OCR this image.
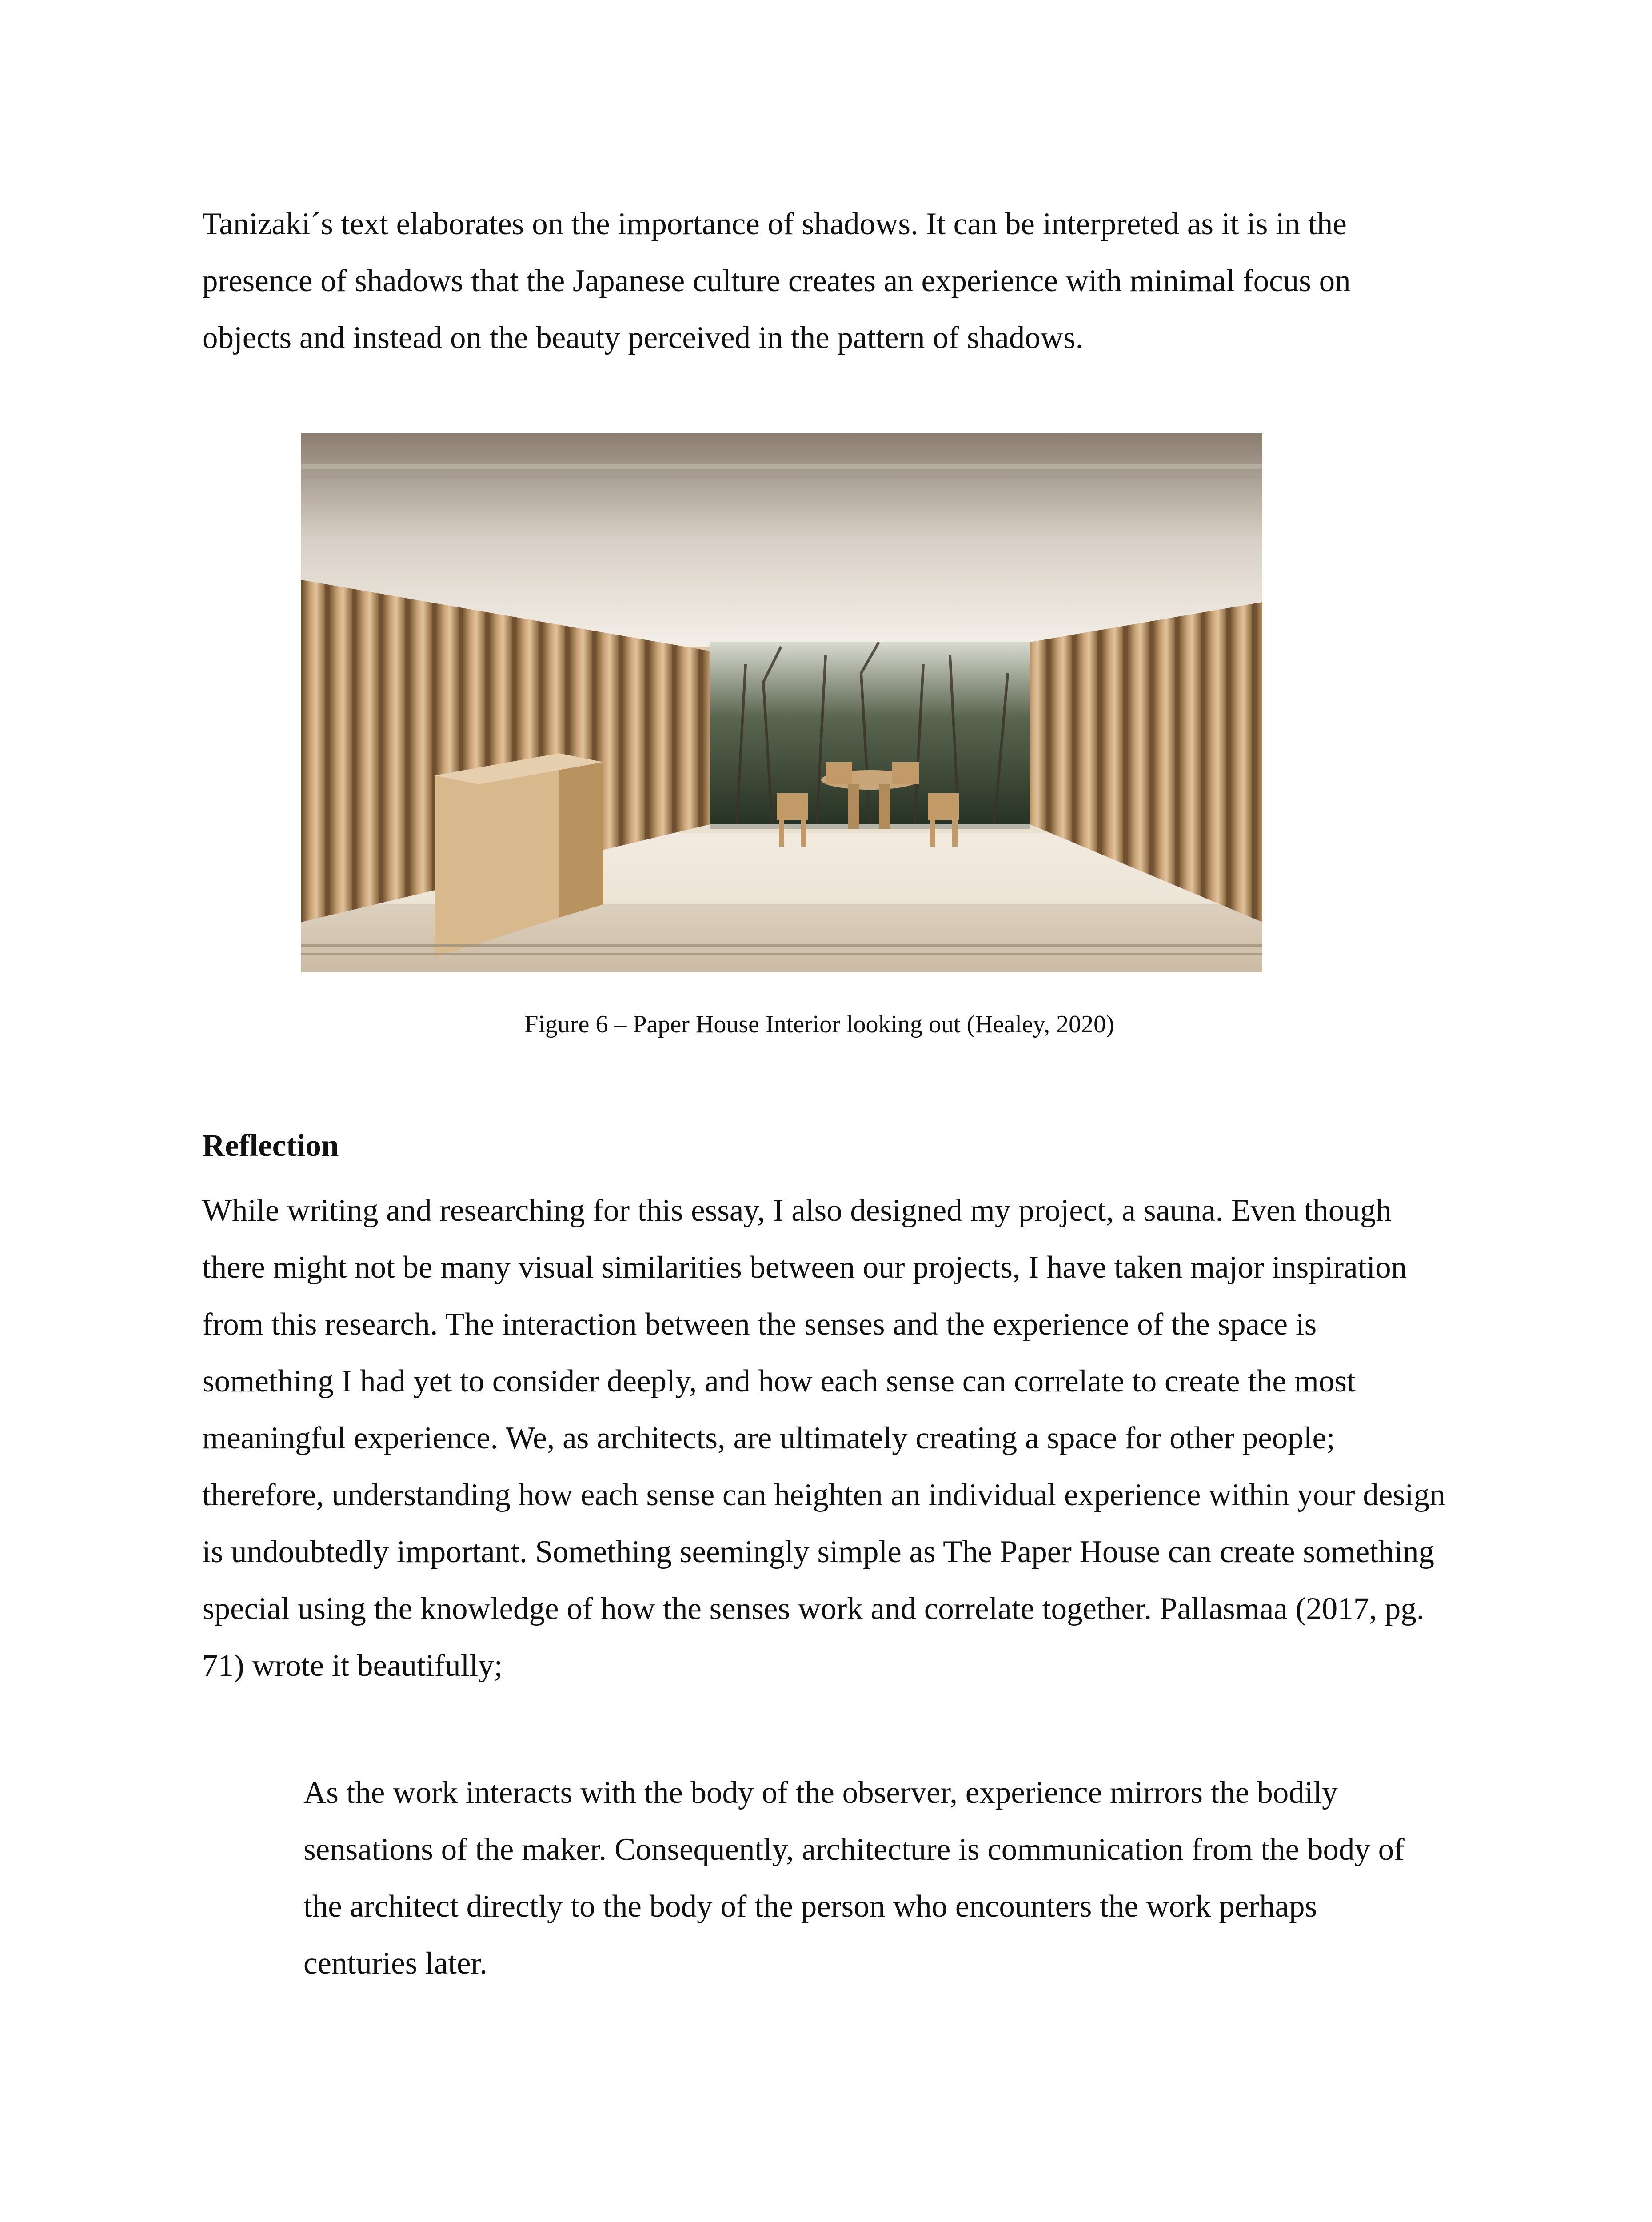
Tanizaki´s text elaborates on the importance of shadows. It can be interpreted as it is in the presence of shadows that the Japanese culture creates an experience with minimal focus on objects and instead on the beauty perceived in the pattern of shadows.

Figure 6 – Paper House Interior looking out (Healey, 2020)
Reflection

While writing and researching for this essay, I also designed my project, a sauna. Even though there might not be many visual similarities between our projects, I have taken major inspiration from this research. The interaction between the senses and the experience of the space is something I had yet to consider deeply, and how each sense can correlate to create the most meaningful experience. We, as architects, are ultimately creating a space for other people; therefore, understanding how each sense can heighten an individual experience within your design is undoubtedly important. Something seemingly simple as The Paper House can create something special using the knowledge of how the senses work and correlate together. Pallasmaa (2017, pg. 71) wrote it beautifully;

As the work interacts with the body of the observer, experience mirrors the bodily sensations of the maker. Consequently, architecture is communication from the body of the architect directly to the body of the person who encounters the work perhaps centuries later.
